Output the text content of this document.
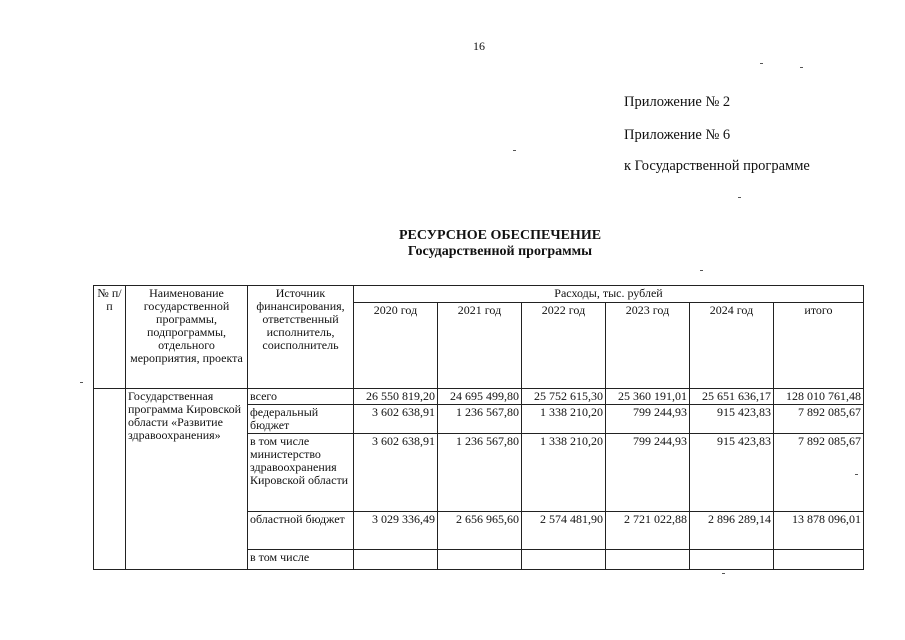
16
Приложение № 2
Приложение № 6
к Государственной программе
РЕСУРСНОЕ ОБЕСПЕЧЕНИЕ
Государственной программы
№ п/п	Наименование государственной программы, подпрограммы, отдельного мероприятия, проекта	Источник финансирования, ответственный исполнитель, соисполнитель	Расходы, тыс. рублей					
			2020 год	2021 год	2022 год	2023 год	2024 год	итого
	Государственная программа Кировской области «Развитие здравоохранения»	всего	26 550 819,20	24 695 499,80	25 752 615,30	25 360 191,01	25 651 636,17	128 010 761,48
		федеральный бюджет	3 602 638,91	1 236 567,80	1 338 210,20	799 244,93	915 423,83	7 892 085,67
		в том числе министерство здравоохранения Кировской области	3 602 638,91	1 236 567,80	1 338 210,20	799 244,93	915 423,83	7 892 085,67
		областной бюджет	3 029 336,49	2 656 965,60	2 574 481,90	2 721 022,88	2 896 289,14	13 878 096,01
		в том числе						
